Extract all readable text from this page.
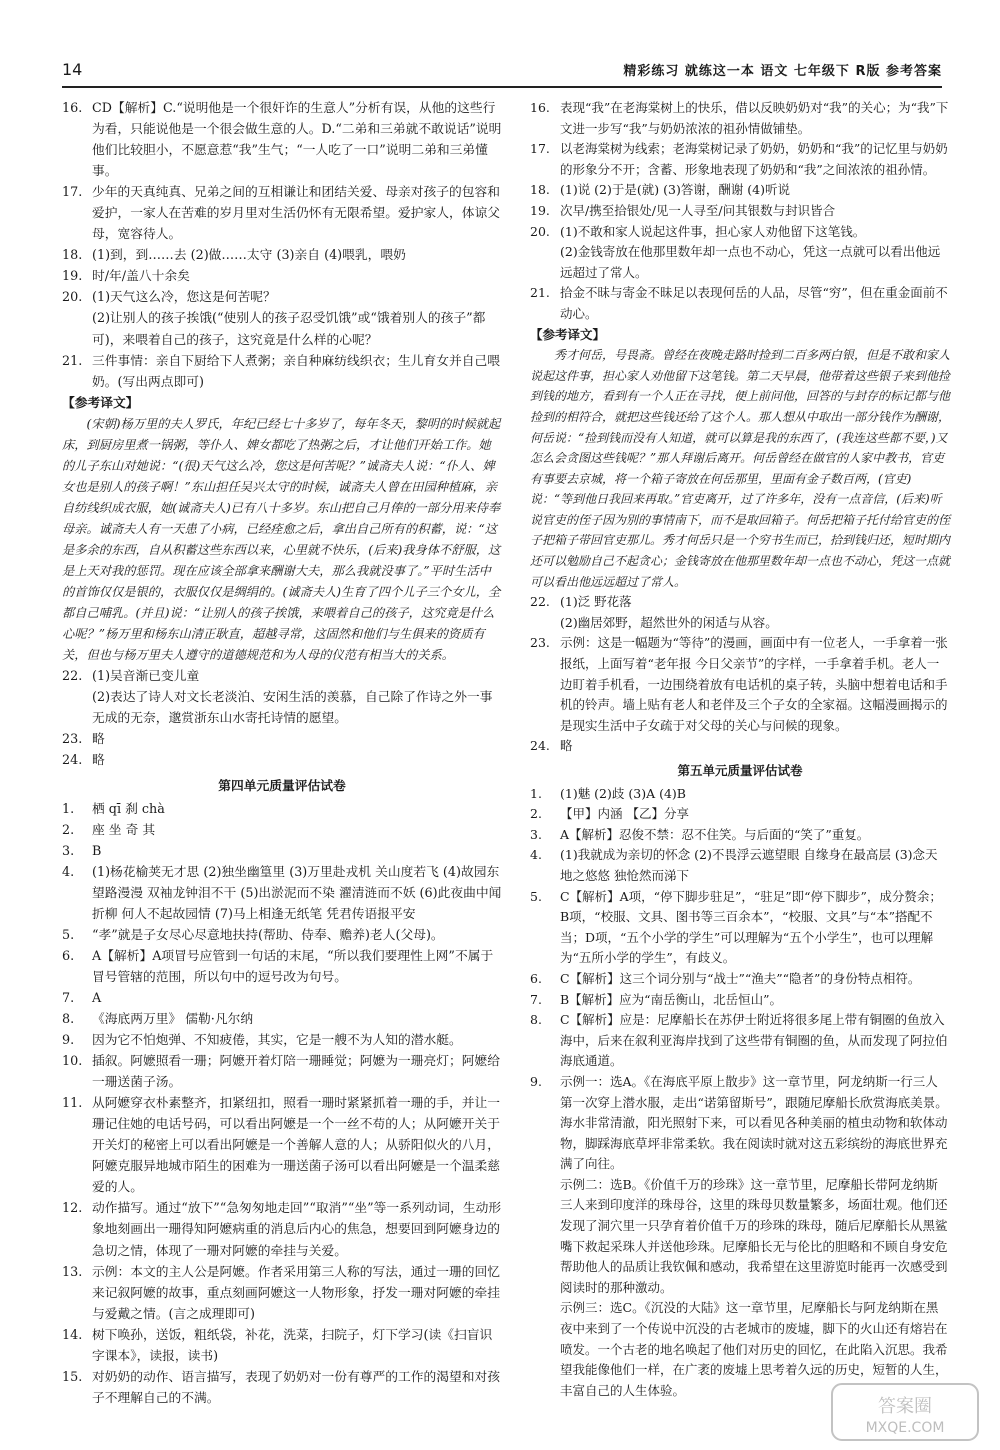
14	精彩练习 就练这一本 语文 七年级下 R版 参考答案
16. CD【解析】C.“说明他是一个很奸诈的生意人”分析有误，从他的这些行为看，只能说他是一个很会做生意的人。D.“二弟和三弟就不敢说话”说明他们比较胆小，不愿意惹“我”生气；“一人吃了一口”说明二弟和三弟懂事。
17. 少年的天真纯真、兄弟之间的互相谦让和团结关爱、母亲对孩子的包容和爱护，一家人在苦难的岁月里对生活仍怀有无限希望。爱护家人，体谅父母，宽容待人。
18. (1)到，到……去 (2)做……太守 (3)亲自 (4)喂乳，喂奶
19. 时/年/盖八十余矣
20. (1)天气这么冷，您这是何苦呢？
(2)让别人的孩子挨饿(“使别人的孩子忍受饥饿”或“饿着别人的孩子”都可)，来喂着自己的孩子，这究竟是什么样的心呢？
21. 三件事情：亲自下厨给下人煮粥；亲自种麻纺线织衣；生儿育女并自己喂奶。(写出两点即可)
【参考译文】
(宋朝)杨万里的夫人罗氏，年纪已经七十多岁了，每年冬天，黎明的时候就起床，到厨房里煮一锅粥，等仆人、婢女都吃了热粥之后，才让他们开始工作。她的儿子东山对她说：“(很)天气这么冷，您这是何苦呢？”诚斋夫人说：“仆人、婢女也是别人的孩子啊！”东山担任吴兴太守的时候，诚斋夫人曾在田园种植麻，亲自纺线织成衣服，她(诚斋夫人)已有八十多岁。东山把自己月俸的一部分用来侍奉母亲。诚斋夫人有一天患了小病，已经痊愈之后，拿出自己所有的积蓄，说：“这是多余的东西，自从积蓄这些东西以来，心里就不快乐，(后来)我身体不舒服，这是上天对我的惩罚。现在应该全部拿来酬谢大夫，那么我就没事了。”平时生活中的首饰仅仅是银的，衣服仅仅是绸绢的。(诚斋夫人)生育了四个儿子三个女儿，全都自己哺乳。(并且)说：“让别人的孩子挨饿，来喂着自己的孩子，这究竟是什么心呢？”杨万里和杨东山清正耿直，超越寻常，这固然和他们与生俱来的资质有关，但也与杨万里夫人遵守的道德规范和为人母的仪范有相当大的关系。
22. (1)吴音渐已变儿童
(2)表达了诗人对文长老淡泊、安闲生活的羡慕，自己除了作诗之外一事无成的无奈，邈赏浙东山水寄托诗情的愿望。
23. 略
24. 略
第四单元质量评估试卷
1.	栖 qī 刹 chà
2.	座 坐 奇 其
3.	B
4.	(1)杨花榆荚无才思 (2)独坐幽篁里 (3)万里赴戎机 关山度若飞 (4)故园东望路漫漫 双袖龙钟泪不干 (5)出淤泥而不染 濯清涟而不妖 (6)此夜曲中闻折柳 何人不起故园情 (7)马上相逢无纸笔 凭君传语报平安
5.	“孝”就是子女尽心尽意地扶持(帮助、侍奉、赡养)老人(父母)。
6.	A【解析】A项冒号应管到一句话的末尾，“所以我们要理性上网”不属于冒号管辖的范围，所以句中的逗号改为句号。
7.	A
8.	《海底两万里》 儒勒·凡尔纳
9.	因为它不怕炮弹、不知疲倦，其实，它是一艘不为人知的潜水艇。
10. 插叙。阿嬷照看一珊；阿嬷开着灯陪一珊睡觉；阿嬷为一珊亮灯；阿嬷给一珊送菌子汤。
11. 从阿嬷穿衣朴素整齐，扣紧纽扣，照看一珊时紧紧抓着一珊的手，并让一珊记住她的电话号码，可以看出阿嬷是一个一丝不苟的人；从阿嬷开关于开关灯的秘密上可以看出阿嬷是一个善解人意的人；从骄阳似火的八月，阿嬷克服异地城市陌生的困难为一珊送菌子汤可以看出阿嬷是一个温柔慈爱的人。
12. 动作描写。通过“放下”“急匆匆地走回”“取消”“坐”等一系列动词，生动形象地刻画出一珊得知阿嬷病重的消息后内心的焦急，想要回到阿嬷身边的急切之情，体现了一珊对阿嬷的牵挂与关爱。
13. 示例：本文的主人公是阿嬷。作者采用第三人称的写法，通过一珊的回忆来记叙阿嬷的故事，重点刻画阿嬷这一人物形象，抒发一珊对阿嬷的牵挂与爱戴之情。(言之成理即可)
14. 树下唤孙，送饭，粗纸袋，补花，洗菜，扫院子，灯下学习(读《扫盲识字课本》，读报，读书)
15. 对奶奶的动作、语言描写，表现了奶奶对一份有尊严的工作的渴望和对孩子不理解自己的不满。
16. 表现“我”在老海棠树上的快乐，借以反映奶奶对“我”的关心；为“我”下文进一步写“我”与奶奶浓浓的祖孙情做铺垫。
17. 以老海棠树为线索；老海棠树记录了奶奶，奶奶和“我”的记忆里与奶奶的形象分不开；含蓄、形象地表现了奶奶和“我”之间浓浓的祖孙情。
18. (1)说 (2)于是(就) (3)答谢，酬谢 (4)听说
19. 次早/携至拾银处/见一人寻至/问其银数与封识皆合
20. (1)不敢和家人说起这件事，担心家人劝他留下这笔钱。
(2)金钱寄放在他那里数年却一点也不动心，凭这一点就可以看出他远远超过了常人。
21. 拾金不昧与寄金不昧足以表现何岳的人品，尽管“穷”，但在重金面前不动心。
【参考译文】
秀才何岳，号畏斋。曾经在夜晚走路时捡到二百多两白银，但是不敢和家人说起这件事，担心家人劝他留下这笔钱。第二天早晨，他带着这些银子来到他捡到钱的地方，看到有一个人正在寻找，便上前问他，回答的与封存的标记都与他捡到的相符合，就把这些钱还给了这个人。那人想从中取出一部分钱作为酬谢，何岳说：“捡到钱而没有人知道，就可以算是我的东西了，(我连这些都不要，)又怎么会贪图这些钱呢？”那人拜谢后离开。何岳曾经在做官的人家中教书，官吏有事要去京城，将一个箱子寄放在何岳那里，里面有金子数百两，(官吏)说：“等到他日我回来再取。”官吏离开，过了许多年，没有一点音信，(后来)听说官吏的侄子因为别的事情南下，而不是取回箱子。何岳把箱子托付给官吏的侄子把箱子带回官吏那儿。秀才何岳只是一个穷书生而已，拾到钱归还，短时期内还可以勉励自己不起贪心；金钱寄放在他那里数年却一点也不动心，凭这一点就可以看出他远远超过了常人。
22. (1)泛 野花落
(2)幽居郊野，超然世外的闲适与从容。
23. 示例：这是一幅题为“等待”的漫画，画面中有一位老人，一手拿着一张报纸，上面写着“老年报 今日父亲节”的字样，一手拿着手机。老人一边盯着手机看，一边围绕着放有电话机的桌子转，头脑中想着电话和手机的铃声。墙上贴有老人和老伴及三个子女的全家福。这幅漫画揭示的是现实生活中子女疏于对父母的关心与问候的现象。
24. 略
第五单元质量评估试卷
1.	(1)魅 (2)歧 (3)A (4)B
2.	【甲】内涵 【乙】分享
3.	A【解析】忍俊不禁：忍不住笑。与后面的“笑了”重复。
4.	(1)我就成为亲切的怀念 (2)不畏浮云遮望眼 自缘身在最高层 (3)念天地之悠悠 独怆然而涕下
5.	C【解析】A项，“停下脚步驻足”，“驻足”即“停下脚步”，成分赘余；B项，“校服、文具、图书等三百余本”，“校服、文具”与“本”搭配不当；D项，“五个小学的学生”可以理解为“五个小学生”，也可以理解为“五所小学的学生”，有歧义。
6.	C【解析】这三个词分别与“战士”“渔夫”“隐者”的身份特点相符。
7.	B【解析】应为“南岳衡山，北岳恒山”。
8.	C【解析】应是：尼摩船长在苏伊士附近将很多尾上带有铜圈的鱼放入海中，后来在叙利亚海岸找到了这些带有铜圈的鱼，从而发现了阿拉伯海底通道。
9.	示例一：选A。《在海底平原上散步》这一章节里，阿龙纳斯一行三人第一次穿上潜水服，走出“诺第留斯号”，跟随尼摩船长欣赏海底美景。海水非常清澈，阳光照射下来，可以看见各种美丽的植虫动物和软体动物，脚踩海底草坪非常柔软。我在阅读时就对这五彩缤纷的海底世界充满了向往。
示例二：选B。《价值千万的珍珠》这一章节里，尼摩船长带阿龙纳斯三人来到印度洋的珠母谷，这里的珠母贝数量繁多，场面壮观。他们还发现了洞穴里一只孕育着价值千万的珍珠的珠母，随后尼摩船长从黑鲨嘴下救起采珠人并送他珍珠。尼摩船长无与伦比的胆略和不顾自身安危帮助他人的品质让我钦佩和感动，我希望在这里游览时能再一次感受到阅读时的那种激动。
示例三：选C。《沉没的大陆》这一章节里，尼摩船长与阿龙纳斯在黑夜中来到了一个传说中沉没的古老城市的废墟，脚下的火山还有熔岩在喷发。一个古老的地名唤起了他们对历史的回忆，在此陷入沉思。我希望我能像他们一样，在广袤的废墟上思考着久远的历史，短暂的人生，丰富自己的人生体验。
答案圈
MXQE.COM
